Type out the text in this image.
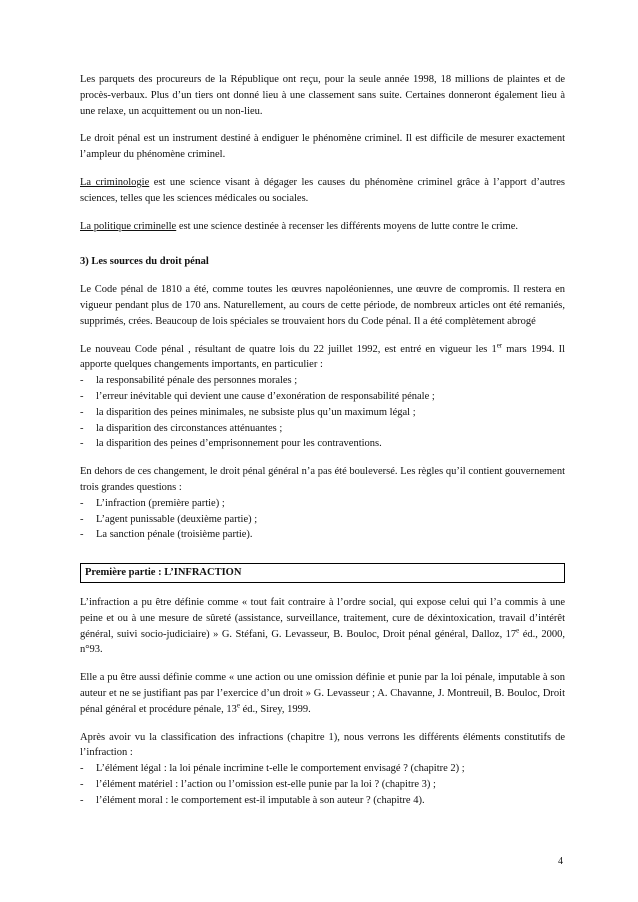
Les parquets des procureurs de la République ont reçu, pour la seule année 1998, 18 millions de plaintes et de procès-verbaux. Plus d’un tiers ont donné lieu à une classement sans suite. Certaines donneront également lieu à une relaxe, un acquittement ou un non-lieu.

Le droit pénal est un instrument destiné à endiguer le phénomène criminel. Il est difficile de mesurer exactement l’ampleur du phénomène criminel.

La criminologie est une science visant à dégager les causes du phénomène criminel grâce à l’apport d’autres sciences, telles que les sciences médicales ou sociales.

La politique criminelle est une science destinée à recenser les différents moyens de lutte contre le crime.

3) Les sources du droit pénal

Le Code pénal de 1810 a été, comme toutes les œuvres napoléoniennes, une œuvre de compromis. Il restera en vigueur pendant plus de 170 ans. Naturellement, au cours de cette période, de nombreux articles ont été remaniés, supprimés, crées. Beaucoup de lois spéciales se trouvaient hors du Code pénal. Il a été complètement abrogé

Le nouveau Code pénal , résultant de quatre lois du 22 juillet 1992, est entré en vigueur les 1er mars 1994. Il apporte quelques changements importants, en particulier :

- la responsabilité pénale des personnes morales ;
- l’erreur inévitable qui devient une cause d’exonération de responsabilité pénale ;
- la disparition des peines minimales, ne subsiste plus qu’un maximum légal ;
- la disparition des circonstances atténuantes ;
- la disparition des peines d’emprisonnement pour les contraventions.

En dehors de ces changement, le droit pénal général n’a pas été bouleversé. Les règles qu’il contient gouvernement trois grandes questions :

- L’infraction (première partie) ;
- L’agent punissable (deuxième partie) ;
- La sanction pénale (troisième partie).
Première partie : L’INFRACTION

L’infraction a pu être définie comme « tout fait contraire à l’ordre social, qui expose celui qui l’a commis à une peine et ou à une mesure de sûreté (assistance, surveillance, traitement, cure de déxintoxication, travail d’intérêt général, suivi socio-judiciaire) » G. Stéfani, G. Levasseur, B. Bouloc, Droit pénal général, Dalloz, 17e éd., 2000, n°93.

Elle a pu être aussi définie comme « une action ou une omission définie et punie par la loi pénale, imputable à son auteur et ne se justifiant pas par l’exercice d’un droit » G. Levasseur ; A. Chavanne, J. Montreuil, B. Bouloc, Droit pénal général et procédure pénale, 13e éd., Sirey, 1999.

Après avoir vu la classification des infractions (chapitre 1), nous verrons les différents éléments constitutifs de l’infraction :

- L’élément légal : la loi pénale incrimine t-elle le comportement envisagé ? (chapitre 2) ;
- l’élément matériel : l’action ou l’omission est-elle punie par la loi ? (chapitre 3) ;
- l’élément moral : le comportement est-il imputable à son auteur ? (chapitre 4).
4
